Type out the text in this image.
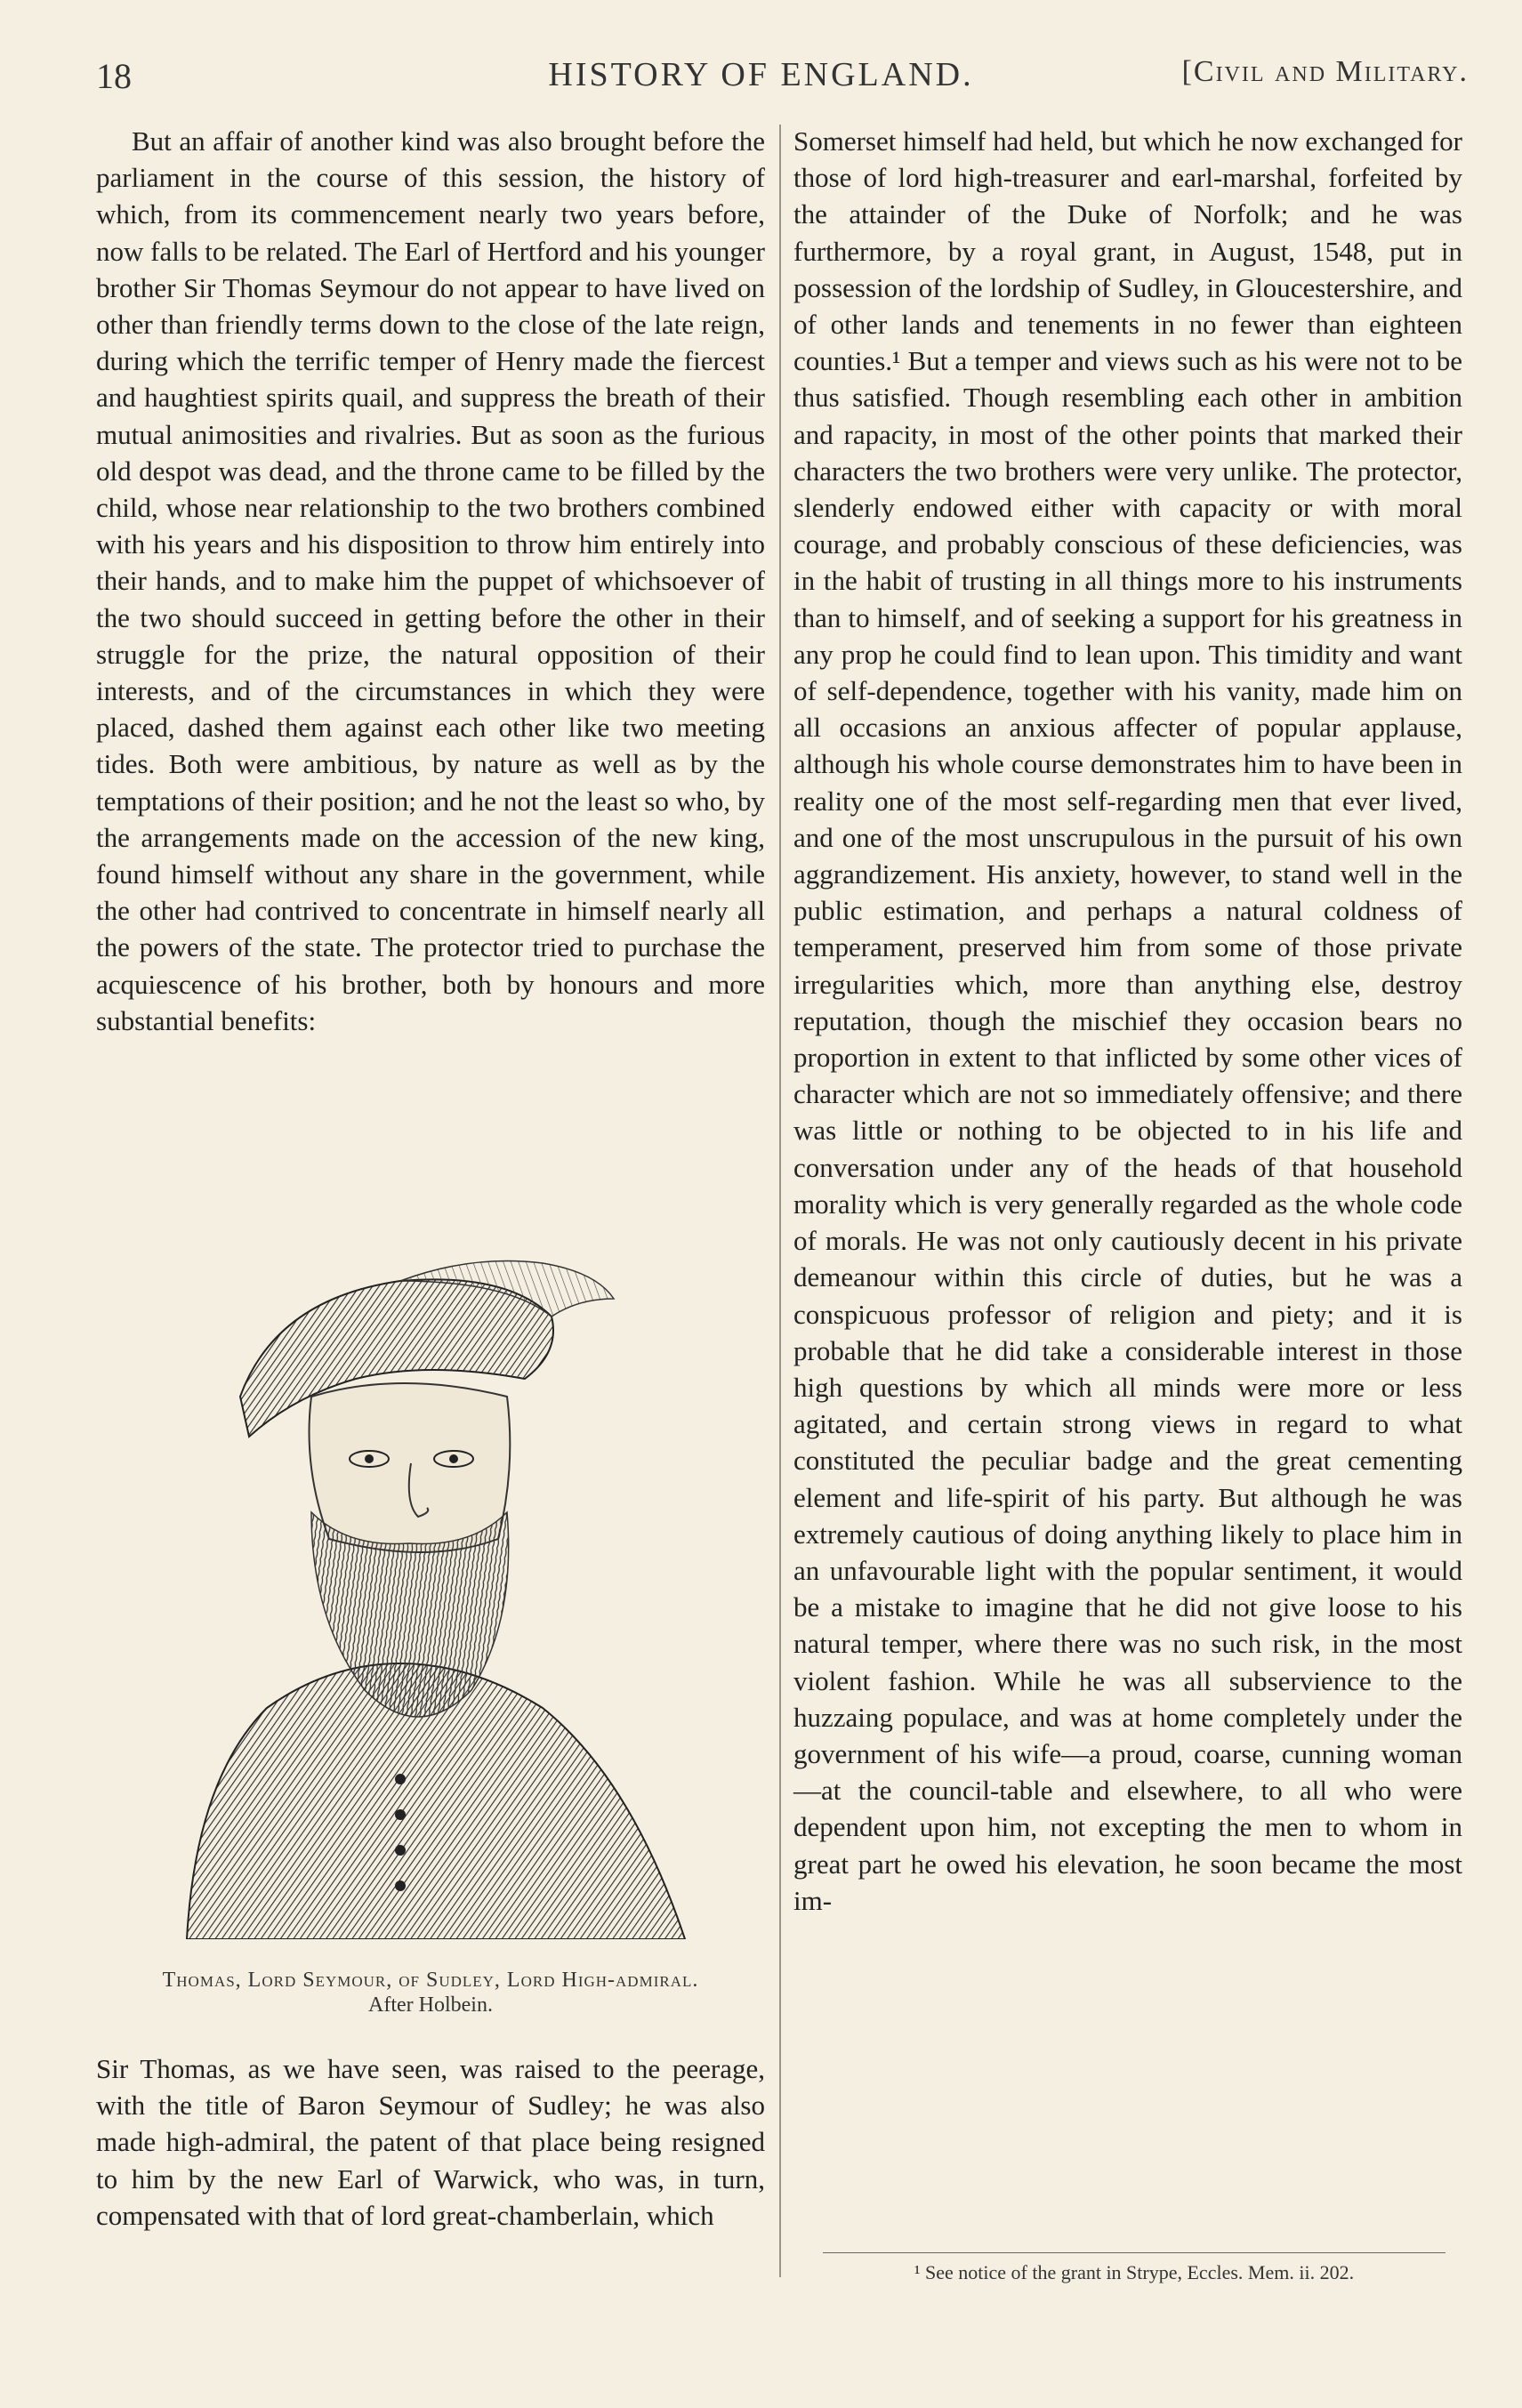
18	HISTORY OF ENGLAND.	[Civil and Military.

But an affair of another kind was also brought before the parliament in the course of this session, the history of which, from its commencement nearly two years before, now falls to be related. The Earl of Hertford and his younger brother Sir Thomas Seymour do not appear to have lived on other than friendly terms down to the close of the late reign, during which the terrific temper of Henry made the fiercest and haughtiest spirits quail, and suppress the breath of their mutual animosities and rivalries. But as soon as the furious old despot was dead, and the throne came to be filled by the child, whose near relationship to the two brothers combined with his years and his disposition to throw him entirely into their hands, and to make him the puppet of whichsoever of the two should succeed in getting before the other in their struggle for the prize, the natural opposition of their interests, and of the circumstances in which they were placed, dashed them against each other like two meeting tides. Both were ambitious, by nature as well as by the temptations of their position; and he not the least so who, by the arrangements made on the accession of the new king, found himself without any share in the government, while the other had contrived to concentrate in himself nearly all the powers of the state. The protector tried to purchase the acquiescence of his brother, both by honours and more substantial benefits:

Thomas, Lord Seymour, of Sudley, Lord High-admiral.
After Holbein.

Sir Thomas, as we have seen, was raised to the peerage, with the title of Baron Seymour of Sudley; he was also made high-admiral, the patent of that place being resigned to him by the new Earl of Warwick, who was, in turn, compensated with that of lord great-chamberlain, which

Somerset himself had held, but which he now exchanged for those of lord high-treasurer and earl-marshal, forfeited by the attainder of the Duke of Norfolk; and he was furthermore, by a royal grant, in August, 1548, put in possession of the lordship of Sudley, in Gloucestershire, and of other lands and tenements in no fewer than eighteen counties.¹ But a temper and views such as his were not to be thus satisfied. Though resembling each other in ambition and rapacity, in most of the other points that marked their characters the two brothers were very unlike. The protector, slenderly endowed either with capacity or with moral courage, and probably conscious of these deficiencies, was in the habit of trusting in all things more to his instruments than to himself, and of seeking a support for his greatness in any prop he could find to lean upon. This timidity and want of self-dependence, together with his vanity, made him on all occasions an anxious affecter of popular applause, although his whole course demonstrates him to have been in reality one of the most self-regarding men that ever lived, and one of the most unscrupulous in the pursuit of his own aggrandizement. His anxiety, however, to stand well in the public estimation, and perhaps a natural coldness of temperament, preserved him from some of those private irregularities which, more than anything else, destroy reputation, though the mischief they occasion bears no proportion in extent to that inflicted by some other vices of character which are not so immediately offensive; and there was little or nothing to be objected to in his life and conversation under any of the heads of that household morality which is very generally regarded as the whole code of morals. He was not only cautiously decent in his private demeanour within this circle of duties, but he was a conspicuous professor of religion and piety; and it is probable that he did take a considerable interest in those high questions by which all minds were more or less agitated, and certain strong views in regard to what constituted the peculiar badge and the great cementing element and life-spirit of his party. But although he was extremely cautious of doing anything likely to place him in an unfavourable light with the popular sentiment, it would be a mistake to imagine that he did not give loose to his natural temper, where there was no such risk, in the most violent fashion. While he was all subservience to the huzzaing populace, and was at home completely under the government of his wife—a proud, coarse, cunning woman—at the council-table and elsewhere, to all who were dependent upon him, not excepting the men to whom in great part he owed his elevation, he soon became the most im-

¹ See notice of the grant in Strype, Eccles. Mem. ii. 202.
